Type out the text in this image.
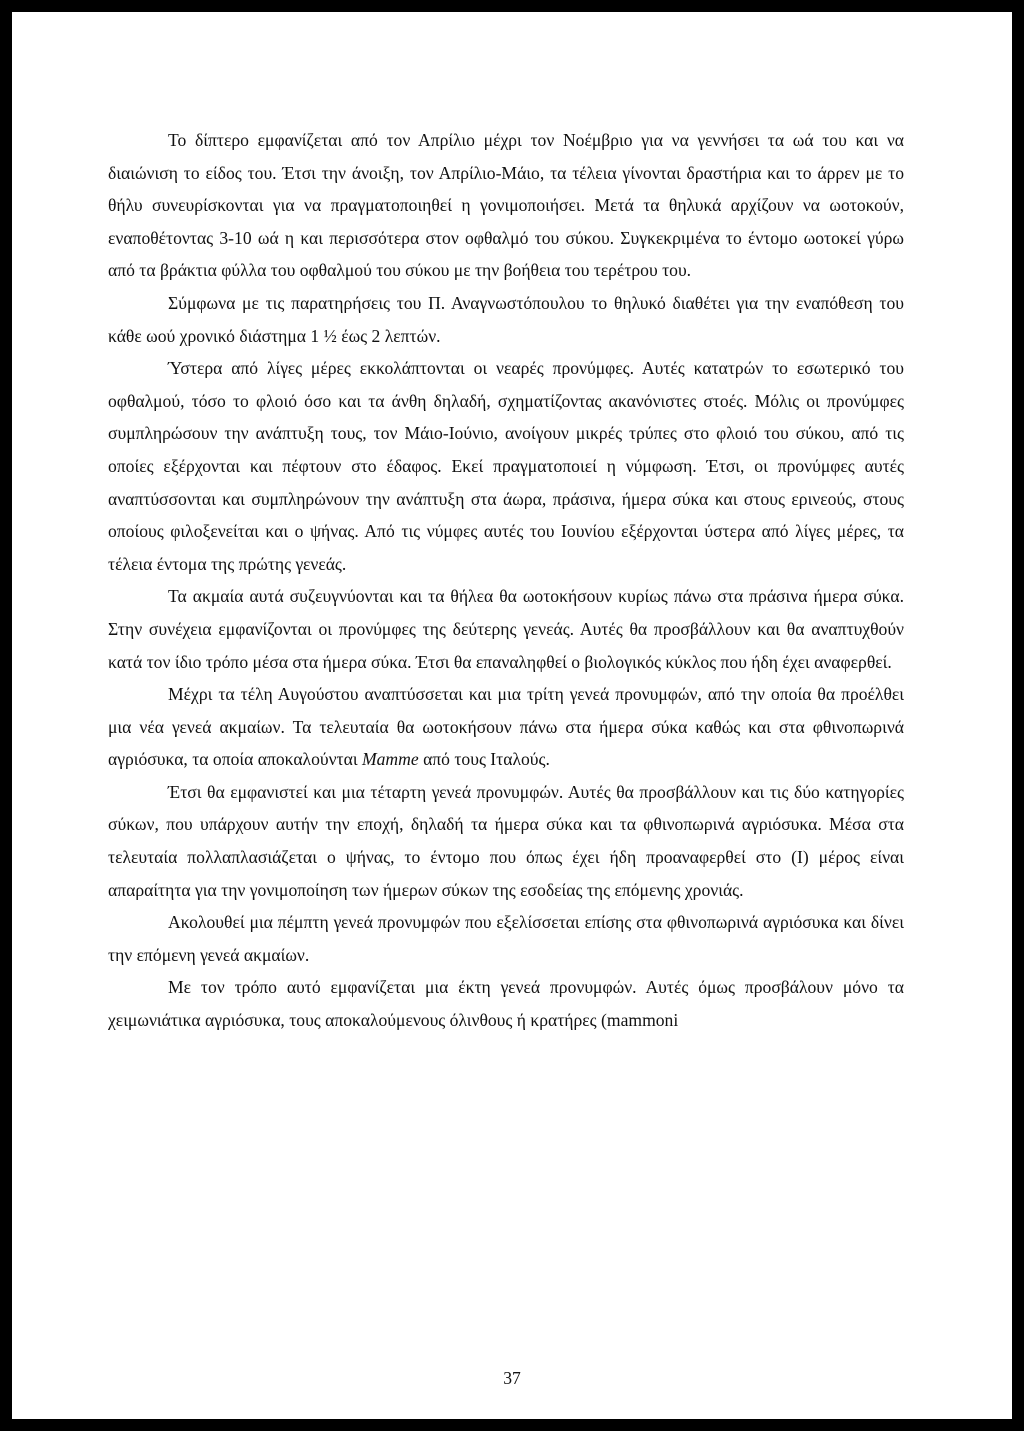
Το δίπτερο εμφανίζεται από τον Απρίλιο μέχρι τον Νοέμβριο για να γεννήσει τα ωά του και να διαιώνιση το είδος του. Έτσι την άνοιξη, τον Απρίλιο-Μάιο, τα τέλεια γίνονται δραστήρια και το άρρεν με το θήλυ συνευρίσκονται για να πραγματοποιηθεί η γονιμοποιήσει. Μετά τα θηλυκά αρχίζουν να ωοτοκούν, εναποθέτοντας 3-10 ωά η και περισσότερα στον οφθαλμό του σύκου. Συγκεκριμένα το έντομο ωοτοκεί γύρω από τα βράκτια φύλλα του οφθαλμού του σύκου με την βοήθεια του τερέτρου του.

Σύμφωνα με τις παρατηρήσεις του Π. Αναγνωστόπουλου το θηλυκό διαθέτει για την εναπόθεση του κάθε ωού χρονικό διάστημα 1 ½ έως 2 λεπτών.

Ύστερα από λίγες μέρες εκκολάπτονται οι νεαρές προνύμφες. Αυτές κατατρών το εσωτερικό του οφθαλμού, τόσο το φλοιό όσο και τα άνθη δηλαδή, σχηματίζοντας ακανόνιστες στοές. Μόλις οι προνύμφες συμπληρώσουν την ανάπτυξη τους, τον Μάιο-Ιούνιο, ανοίγουν μικρές τρύπες στο φλοιό του σύκου, από τις οποίες εξέρχονται και πέφτουν στο έδαφος. Εκεί πραγματοποιεί η νύμφωση. Έτσι, οι προνύμφες αυτές αναπτύσσονται και συμπληρώνουν την ανάπτυξη στα άωρα, πράσινα, ήμερα σύκα και στους ερινεούς, στους οποίους φιλοξενείται και ο ψήνας. Από τις νύμφες αυτές του Ιουνίου εξέρχονται ύστερα από λίγες μέρες, τα τέλεια έντομα της πρώτης γενεάς.

Τα ακμαία αυτά συζευγνύονται και τα θήλεα θα ωοτοκήσουν κυρίως πάνω στα πράσινα ήμερα σύκα. Στην συνέχεια εμφανίζονται οι προνύμφες της δεύτερης γενεάς. Αυτές θα προσβάλλουν και θα αναπτυχθούν κατά τον ίδιο τρόπο μέσα στα ήμερα σύκα. Έτσι θα επαναληφθεί ο βιολογικός κύκλος που ήδη έχει αναφερθεί.

Μέχρι τα τέλη Αυγούστου αναπτύσσεται και μια τρίτη γενεά προνυμφών, από την οποία θα προέλθει μια νέα γενεά ακμαίων. Τα τελευταία θα ωοτοκήσουν πάνω στα ήμερα σύκα καθώς και στα φθινοπωρινά αγριόσυκα, τα οποία αποκαλούνται Mamme από τους Ιταλούς.

Έτσι θα εμφανιστεί και μια τέταρτη γενεά προνυμφών. Αυτές θα προσβάλλουν και τις δύο κατηγορίες σύκων, που υπάρχουν αυτήν την εποχή, δηλαδή τα ήμερα σύκα και τα φθινοπωρινά αγριόσυκα. Μέσα στα τελευταία πολλαπλασιάζεται ο ψήνας, το έντομο που όπως έχει ήδη προαναφερθεί στο (I) μέρος είναι απαραίτητα για την γονιμοποίηση των ήμερων σύκων της εσοδείας της επόμενης χρονιάς.

Ακολουθεί μια πέμπτη γενεά προνυμφών που εξελίσσεται επίσης στα φθινοπωρινά αγριόσυκα και δίνει την επόμενη γενεά ακμαίων.

Με τον τρόπο αυτό εμφανίζεται μια έκτη γενεά προνυμφών. Αυτές όμως προσβάλουν μόνο τα χειμωνιάτικα αγριόσυκα, τους αποκαλούμενους όλινθους ή κρατήρες (mammoni

37
